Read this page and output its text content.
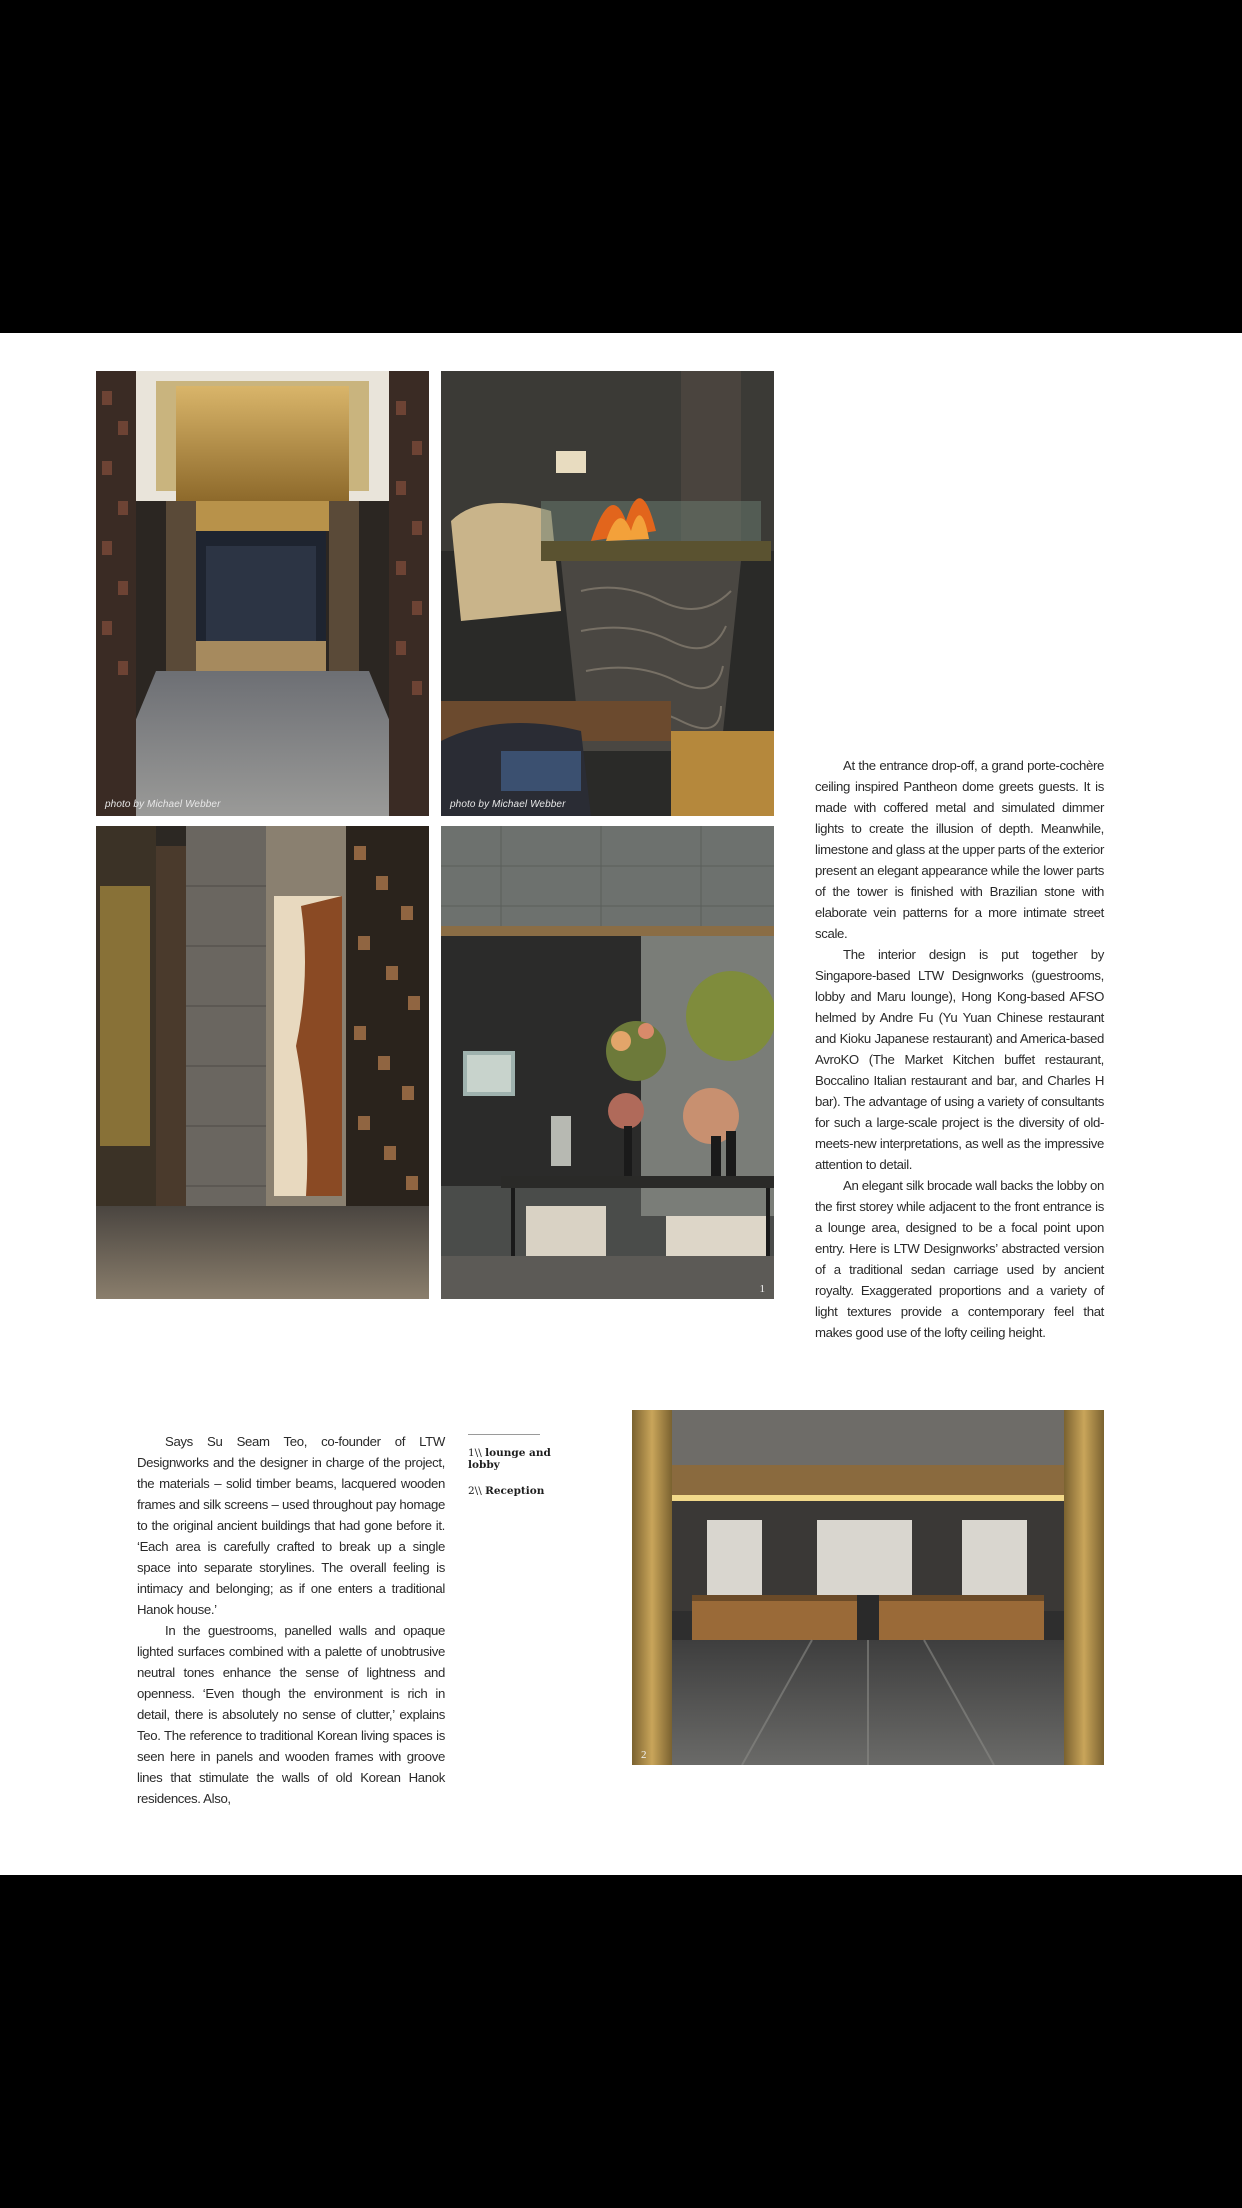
photo by Michael Webber	photo by Michael Webber
1

At the entrance drop-off, a grand porte-cochère ceiling inspired Pantheon dome greets guests. It is made with coffered metal and simulated dimmer lights to create the illusion of depth. Meanwhile, limestone and glass at the upper parts of the exterior present an elegant appearance while the lower parts of the tower is finished with Brazilian stone with elaborate vein patterns for a more intimate street scale.

The interior design is put together by Singapore-based LTW Designworks (guestrooms, lobby and Maru lounge), Hong Kong-based AFSO helmed by Andre Fu (Yu Yuan Chinese restaurant and Kioku Japanese restaurant) and America-based AvroKO (The Market Kitchen buffet restaurant, Boccalino Italian restaurant and bar, and Charles H bar). The advantage of using a variety of consultants for such a large-scale project is the diversity of old-meets-new interpretations, as well as the impressive attention to detail.

An elegant silk brocade wall backs the lobby on the first storey while adjacent to the front entrance is a lounge area, designed to be a focal point upon entry. Here is LTW Designworks’ abstracted version of a traditional sedan carriage used by ancient royalty. Exaggerated proportions and a variety of light textures provide a contemporary feel that makes good use of the lofty ceiling height.

Says Su Seam Teo, co-founder of LTW Designworks and the designer in charge of the project, the materials – solid timber beams, lacquered wooden frames and silk screens – used throughout pay homage to the original ancient buildings that had gone before it. ‘Each area is carefully crafted to break up a single space into separate storylines. The overall feeling is intimacy and belonging; as if one enters a traditional Hanok house.’

In the guestrooms, panelled walls and opaque lighted surfaces combined with a palette of unobtrusive neutral tones enhance the sense of lightness and openness. ‘Even though the environment is rich in detail, there is absolutely no sense of clutter,’ explains Teo. The reference to traditional Korean living spaces is seen here in panels and wooden frames with groove lines that stimulate the walls of old Korean Hanok residences. Also,

1\\ lounge and lobby
2\\ Reception
2
